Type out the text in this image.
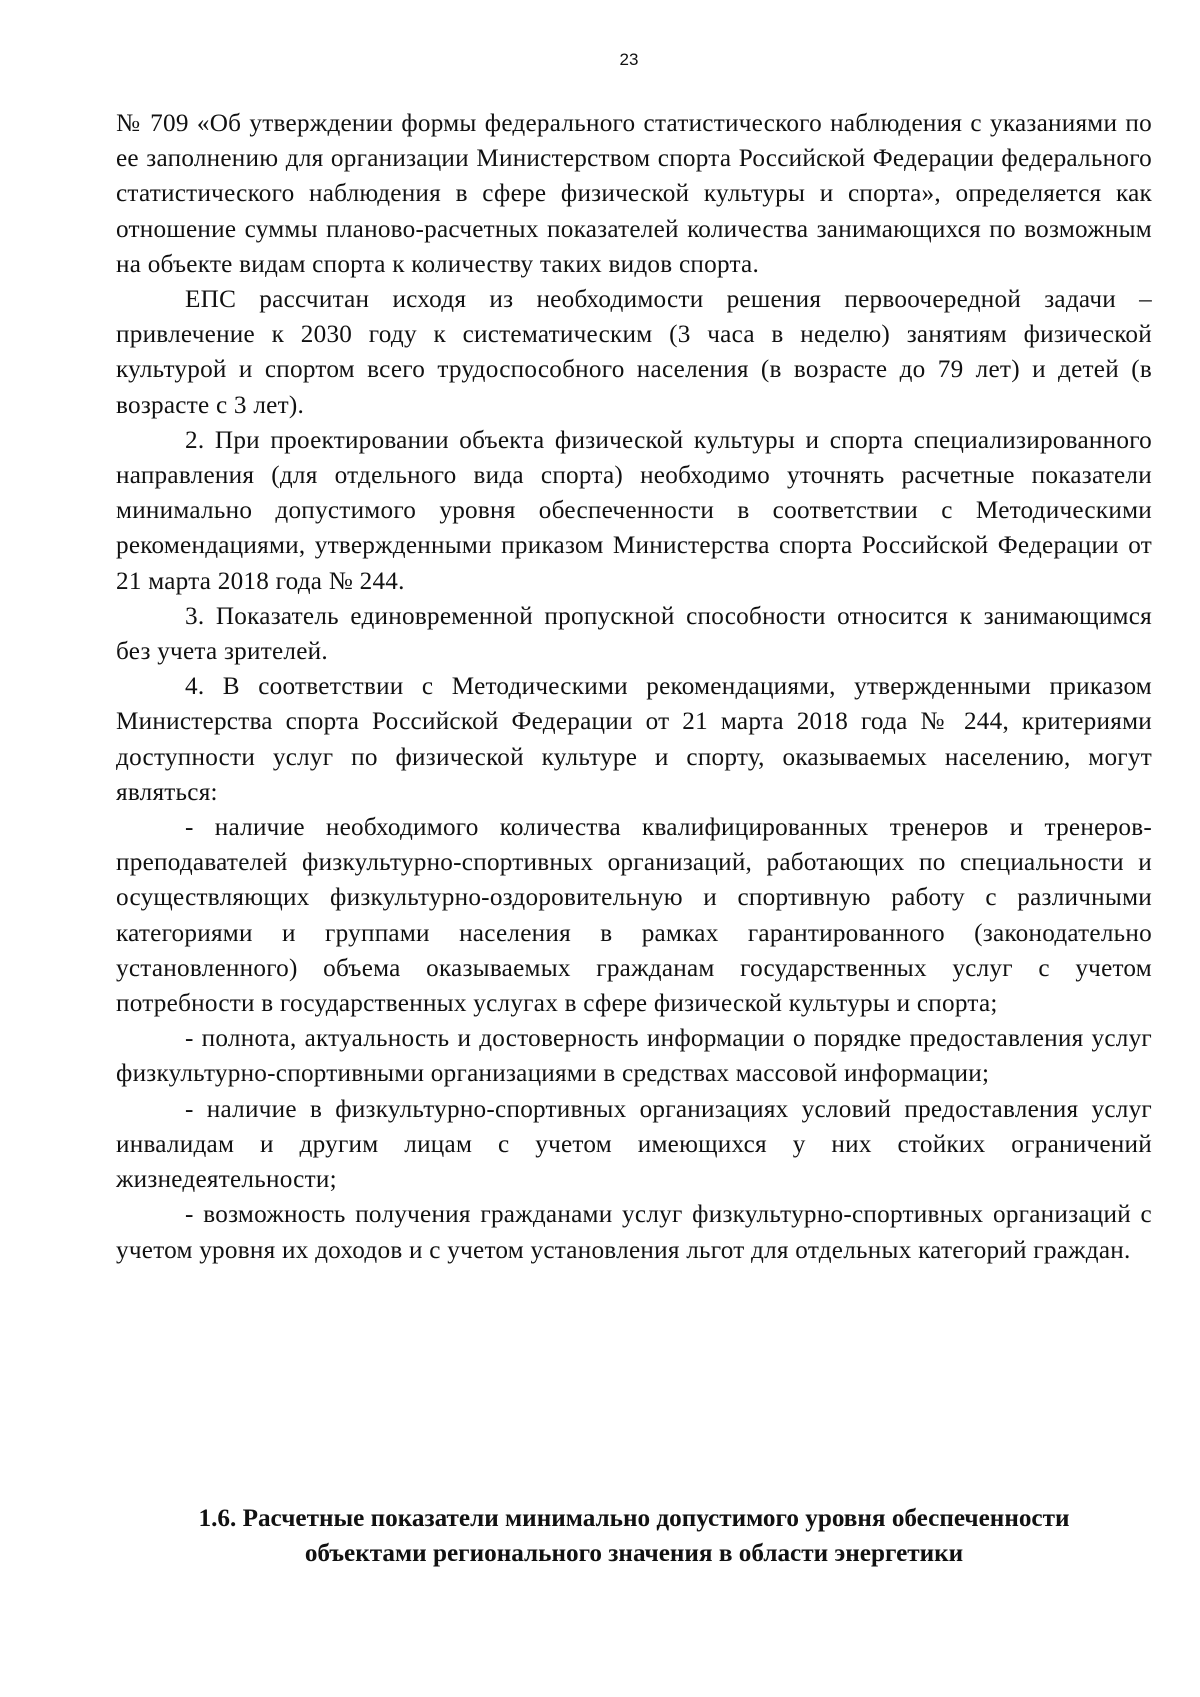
23

№ 709 «Об утверждении формы федерального статистического наблюдения с указаниями по ее заполнению для организации Министерством спорта Российской Федерации федерального статистического наблюдения в сфере физической культуры и спорта», определяется как отношение суммы планово-расчетных показателей количества занимающихся по возможным на объекте видам спорта к количеству таких видов спорта.

ЕПС рассчитан исходя из необходимости решения первоочередной задачи – привлечение к 2030 году к систематическим (3 часа в неделю) занятиям физической культурой и спортом всего трудоспособного населения (в возрасте до 79 лет) и детей (в возрасте с 3 лет).

2. При проектировании объекта физической культуры и спорта специализированного направления (для отдельного вида спорта) необходимо уточнять расчетные показатели минимально допустимого уровня обеспеченности в соответствии с Методическими рекомендациями, утвержденными приказом Министерства спорта Российской Федерации от 21 марта 2018 года № 244.

3. Показатель единовременной пропускной способности относится к занимающимся без учета зрителей.

4. В соответствии с Методическими рекомендациями, утвержденными приказом Министерства спорта Российской Федерации от 21 марта 2018 года № 244, критериями доступности услуг по физической культуре и спорту, оказываемых населению, могут являться:

- наличие необходимого количества квалифицированных тренеров и тренеров-преподавателей физкультурно-спортивных организаций, работающих по специальности и осуществляющих физкультурно-оздоровительную и спортивную работу с различными категориями и группами населения в рамках гарантированного (законодательно установленного) объема оказываемых гражданам государственных услуг с учетом потребности в государственных услугах в сфере физической культуры и спорта;

- полнота, актуальность и достоверность информации о порядке предоставления услуг физкультурно-спортивными организациями в средствах массовой информации;

- наличие в физкультурно-спортивных организациях условий предоставления услуг инвалидам и другим лицам с учетом имеющихся у них стойких ограничений жизнедеятельности;

- возможность получения гражданами услуг физкультурно-спортивных организаций с учетом уровня их доходов и с учетом установления льгот для отдельных категорий граждан.

1.6. Расчетные показатели минимально допустимого уровня обеспеченности
объектами регионального значения в области энергетики
